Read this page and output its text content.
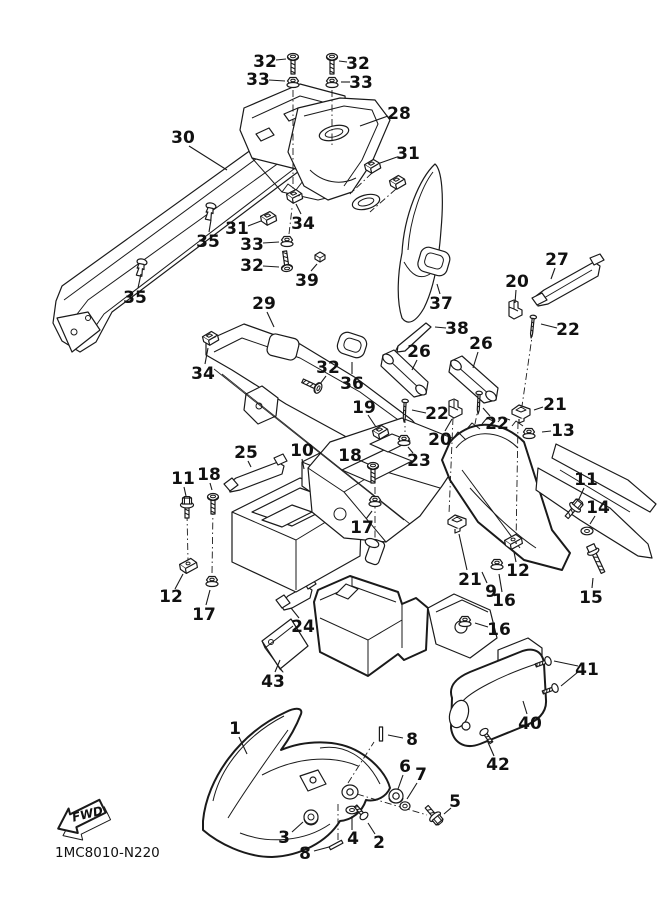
32
33
32
33
30
28
31
31 34
35 33
32
39
35	29
27
20
22
38
37
26 26
34	32
36
19	22
20
22
23
21
13
25 10 18
18
11
17
11
14
15
12
9
16
21
16
12
17
24
43
41
40
42
1
8
6 7
5
3	4 2
8
FWD
1MC8010-N220
